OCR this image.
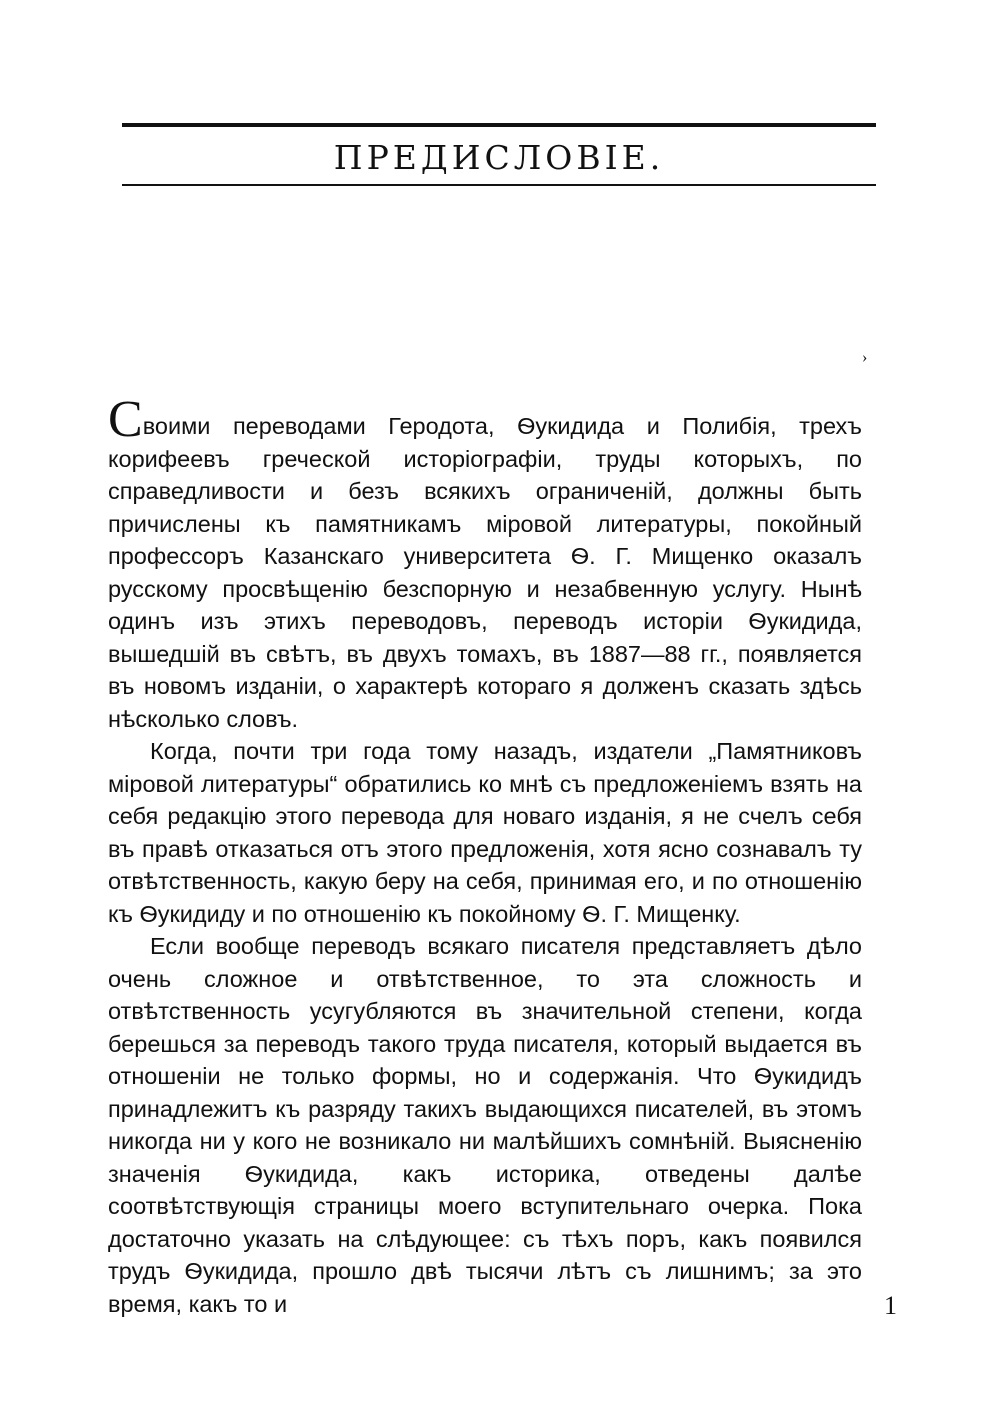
ПРЕДИСЛОВІЕ.
›

Своими переводами Геродота, Ѳукидида и Полибія, трехъ корифеевъ греческой исторіографіи, труды которыхъ, по справедливости и безъ всякихъ ограниченій, должны быть причислены къ памятникамъ міровой литературы, покойный профессоръ Казанскаго университета Ѳ. Г. Мищенко оказалъ русскому просвѣщенію безспорную и незабвенную услугу. Нынѣ одинъ изъ этихъ переводовъ, переводъ исторіи Ѳукидида, вышедшій въ свѣтъ, въ двухъ томахъ, въ 1887—88 гг., появляется въ новомъ изданіи, о характерѣ котораго я долженъ сказать здѣсь нѣсколько словъ.

Когда, почти три года тому назадъ, издатели „Памятниковъ міровой литературы“ обратились ко мнѣ съ предложеніемъ взять на себя редакцію этого перевода для новаго изданія, я не счелъ себя въ правѣ отказаться отъ этого предложенія, хотя ясно сознавалъ ту отвѣтственность, какую беру на себя, принимая его, и по отношенію къ Ѳукидиду и по отношенію къ покойному Ѳ. Г. Мищенку.

Если вообще переводъ всякаго писателя представляетъ дѣло очень сложное и отвѣтственное, то эта сложность и отвѣтственность усугубляются въ значительной степени, когда берешься за переводъ такого труда писателя, который выдается въ отношеніи не только формы, но и содержанія. Что Ѳукидидъ принадлежитъ къ разряду такихъ выдающихся писателей, въ этомъ никогда ни у кого не возникало ни малѣйшихъ сомнѣній. Выясненію значенія Ѳукидида, какъ историка, отведены далѣе соотвѣтствующія страницы моего вступительнаго очерка. Пока достаточно указать на слѣдующее: съ тѣхъ поръ, какъ появился трудъ Ѳукидида, прошло двѣ тысячи лѣтъ съ лишнимъ; за это время, какъ то и	1
